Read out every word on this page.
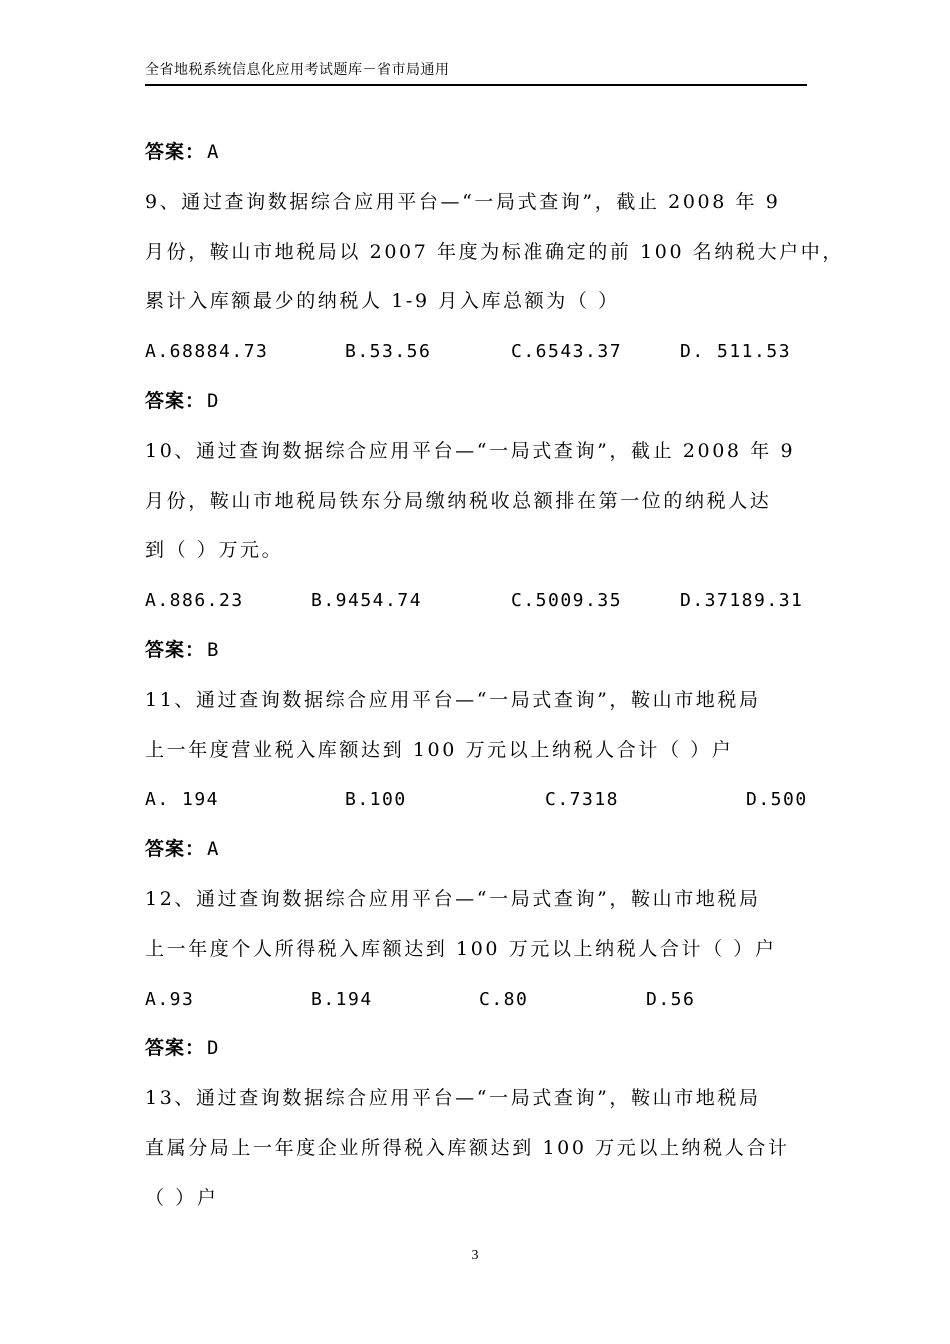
全省地税系统信息化应用考试题库－省市局通用
答案： A
9、通过查询数据综合应用平台—“一局式查询”，截止 2008 年 9
月份，鞍山市地税局以 2007 年度为标准确定的前 100 名纳税大户中，
累计入库额最少的纳税人 1-9 月入库总额为（ ）
A.68884.73	B.53.56	C.6543.37	D. 511.53
答案： D
10、通过查询数据综合应用平台—“一局式查询”，截止 2008 年 9
月份，鞍山市地税局铁东分局缴纳税收总额排在第一位的纳税人达
到（ ）万元。
A.886.23	B.9454.74	C.5009.35	D.37189.31
答案： B
11、通过查询数据综合应用平台—“一局式查询”，鞍山市地税局
上一年度营业税入库额达到 100 万元以上纳税人合计（ ）户
A. 194	B.100	C.7318	D.500
答案： A
12、通过查询数据综合应用平台—“一局式查询”，鞍山市地税局
上一年度个人所得税入库额达到 100 万元以上纳税人合计（ ）户
A.93	B.194	C.80	D.56
答案： D
13、通过查询数据综合应用平台—“一局式查询”，鞍山市地税局
直属分局上一年度企业所得税入库额达到 100 万元以上纳税人合计
（ ）户
3
